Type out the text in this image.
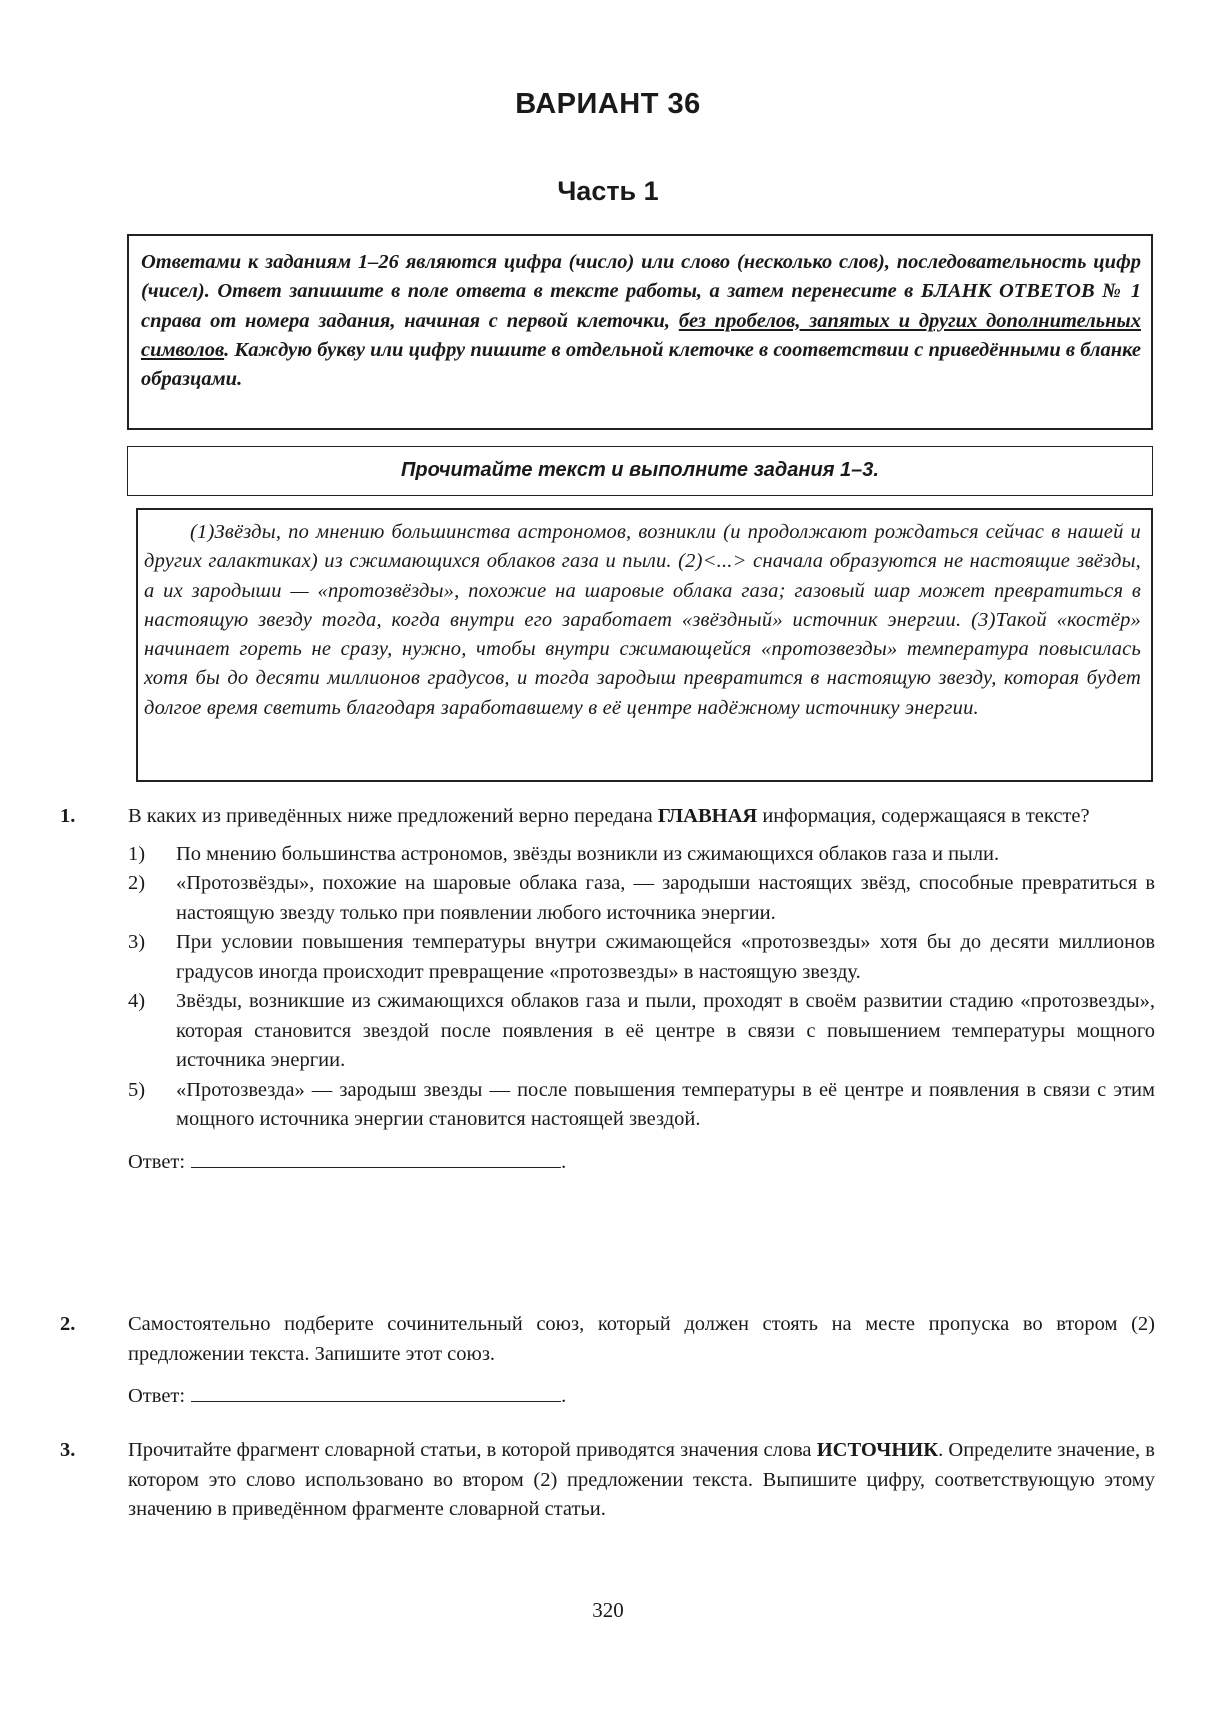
ВАРИАНТ 36
Часть 1
Ответами к заданиям 1–26 являются цифра (число) или слово (несколько слов), последовательность цифр (чисел). Ответ запишите в поле ответа в тексте работы, а затем перенесите в БЛАНК ОТВЕТОВ № 1 справа от номера задания, начиная с первой клеточки, без пробелов, запятых и других дополнительных символов. Каждую букву или цифру пишите в отдельной клеточке в соответствии с приведёнными в бланке образцами.
Прочитайте текст и выполните задания 1–3.
(1)Звёзды, по мнению большинства астрономов, возникли (и продолжают рождаться сейчас в нашей и других галактиках) из сжимающихся облаков газа и пыли. (2)<...> сначала образуются не настоящие звёзды, а их зародыши — «протозвёзды», похожие на шаровые облака газа; газовый шар может превратиться в настоящую звезду тогда, когда внутри его заработает «звёздный» источник энергии. (3)Такой «костёр» начинает гореть не сразу, нужно, чтобы внутри сжимающейся «протозвезды» температура повысилась хотя бы до десяти миллионов градусов, и тогда зародыш превратится в настоящую звезду, которая будет долгое время светить благодаря заработавшему в её центре надёжному источнику энергии.
1.	В каких из приведённых ниже предложений верно передана ГЛАВНАЯ информация, содержащаяся в тексте?
1) По мнению большинства астрономов, звёзды возникли из сжимающихся облаков газа и пыли.
2) «Протозвёзды», похожие на шаровые облака газа, — зародыши настоящих звёзд, способные превратиться в настоящую звезду только при появлении любого источника энергии.
3) При условии повышения температуры внутри сжимающейся «протозвезды» хотя бы до десяти миллионов градусов иногда происходит превращение «протозвезды» в настоящую звезду.
4) Звёзды, возникшие из сжимающихся облаков газа и пыли, проходят в своём развитии стадию «протозвезды», которая становится звездой после появления в её центре в связи с повышением температуры мощного источника энергии.
5) «Протозвезда» — зародыш звезды — после повышения температуры в её центре и появления в связи с этим мощного источника энергии становится настоящей звездой.
Ответ:	.
2.	Самостоятельно подберите сочинительный союз, который должен стоять на месте пропуска во втором (2) предложении текста. Запишите этот союз.
Ответ:	.
3.	Прочитайте фрагмент словарной статьи, в которой приводятся значения слова ИСТОЧНИК. Определите значение, в котором это слово использовано во втором (2) предложении текста. Выпишите цифру, соответствующую этому значению в приведённом фрагменте словарной статьи.
320
